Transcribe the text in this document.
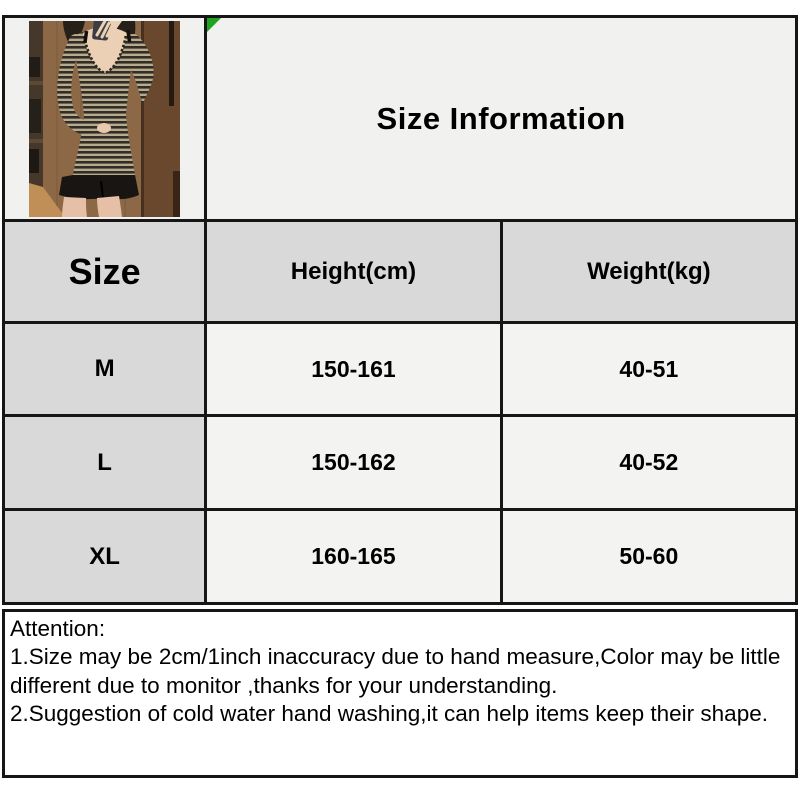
Size Information
Size	Height(cm)	Weight(kg)
M	150-161	40-51
L	150-162	40-52
XL	160-165	50-60
Attention:
1.Size may be 2cm/1inch inaccuracy due to hand measure,Color may be little
different due to monitor ,thanks for your understanding.
2.Suggestion of cold water hand washing,it can help items keep their shape.
